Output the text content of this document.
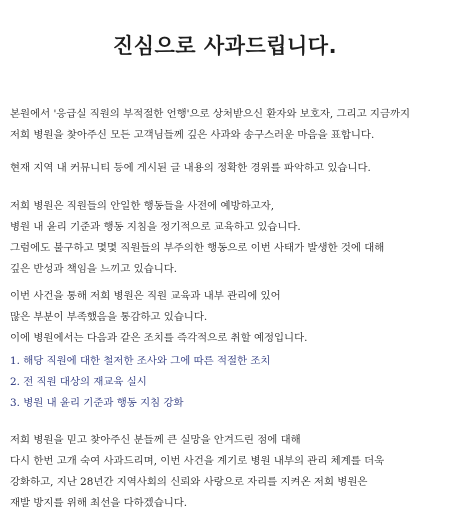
진심으로 사과드립니다.
본원에서 '응급실 직원의 부적절한 언행'으로 상처받으신 환자와 보호자, 그리고 지금까지
저희 병원을 찾아주신 모든 고객님들께 깊은 사과와 송구스러운 마음을 표합니다.
현재 지역 내 커뮤니티 등에 게시된 글 내용의 정확한 경위를 파악하고 있습니다.
저희 병원은 직원들의 안일한 행동들을 사전에 예방하고자,
병원 내 윤리 기준과 행동 지침을 정기적으로 교육하고 있습니다.
그럼에도 불구하고 몇몇 직원들의 부주의한 행동으로 이번 사태가 발생한 것에 대해
깊은 반성과 책임을 느끼고 있습니다.
이번 사건을 통해 저희 병원은 직원 교육과 내부 관리에 있어
많은 부분이 부족했음을 통감하고 있습니다.
이에 병원에서는 다음과 같은 조치를 즉각적으로 취할 예정입니다.
1. 해당 직원에 대한 철저한 조사와 그에 따른 적절한 조치
2. 전 직원 대상의 재교육 실시
3. 병원 내 윤리 기준과 행동 지침 강화
저희 병원을 믿고 찾아주신 분들께 큰 실망을 안겨드린 점에 대해
다시 한번 고개 숙여 사과드리며, 이번 사건을 계기로 병원 내부의 관리 체계를 더욱
강화하고, 지난 28년간 지역사회의 신뢰와 사랑으로 자리를 지켜온 저희 병원은
재발 방지를 위해 최선을 다하겠습니다.
